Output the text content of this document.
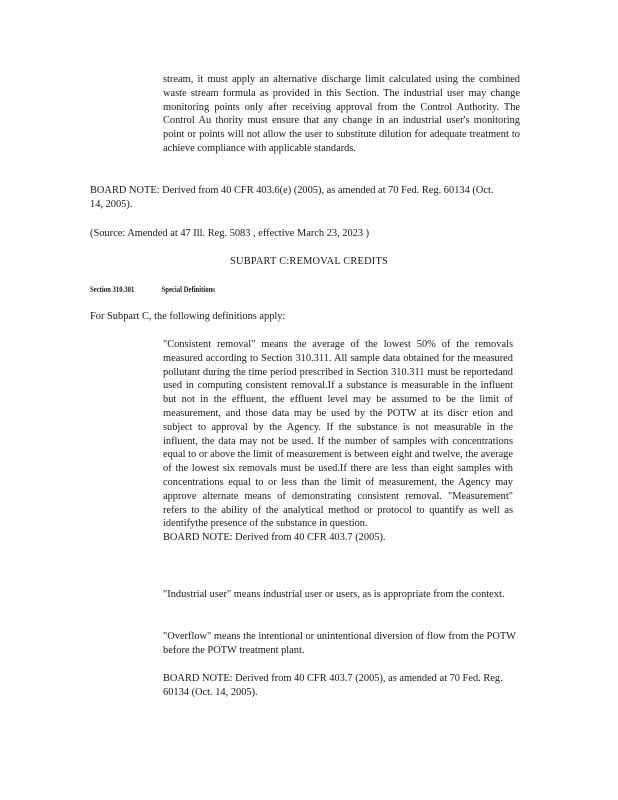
stream, it must apply an alternative discharge limit calculated using the combined waste stream formula as provided in this Section. The industrial user may change monitoring points only after receiving approval from the Control Authority. The Control Au thority must ensure that any change in an industrial user's monitoring point or points will not allow the user to substitute dilution for adequate treatment to achieve compliance with applicable standards.
BOARD NOTE: Derived from 40 CFR 403.6(e) (2005), as amended at 70 Fed. Reg. 60134 (Oct. 14, 2005).
(Source: Amended at 47 Ill. Reg. 5083 , effective March 23, 2023 )
SUBPART C:REMOVAL CREDITS
Section 310.301	Special Definitions
For Subpart C, the following definitions apply:
"Consistent removal" means the average of the lowest 50% of the removals measured according to Section 310.311. All sample data obtained for the measured pollutant during the time period prescribed in Section 310.311 must be reportedand used in computing consistent removal.If a substance is measurable in the influent but not in the effluent, the effluent level may be assumed to be the limit of measurement, and those data may be used by the POTW at its discr etion and subject to approval by the Agency. If the substance is not measurable in the influent, the data may not be used. If the number of samples with concentrations equal to or above the limit of measurement is between eight and twelve, the average of the lowest six removals must be used.If there are less than eight samples with concentrations equal to or less than the limit of measurement, the Agency may approve alternate means of demonstrating consistent removal. "Measurement" refers to the ability of the analytical method or protocol to quantify as well as identifythe presence of the substance in question.
BOARD NOTE: Derived from 40 CFR 403.7 (2005).
"Industrial user" means industrial user or users, as is appropriate from the context.
"Overflow" means the intentional or unintentional diversion of flow from the POTW before the POTW treatment plant.
BOARD NOTE: Derived from 40 CFR 403.7 (2005), as amended at 70 Fed. Reg. 60134 (Oct. 14, 2005).
